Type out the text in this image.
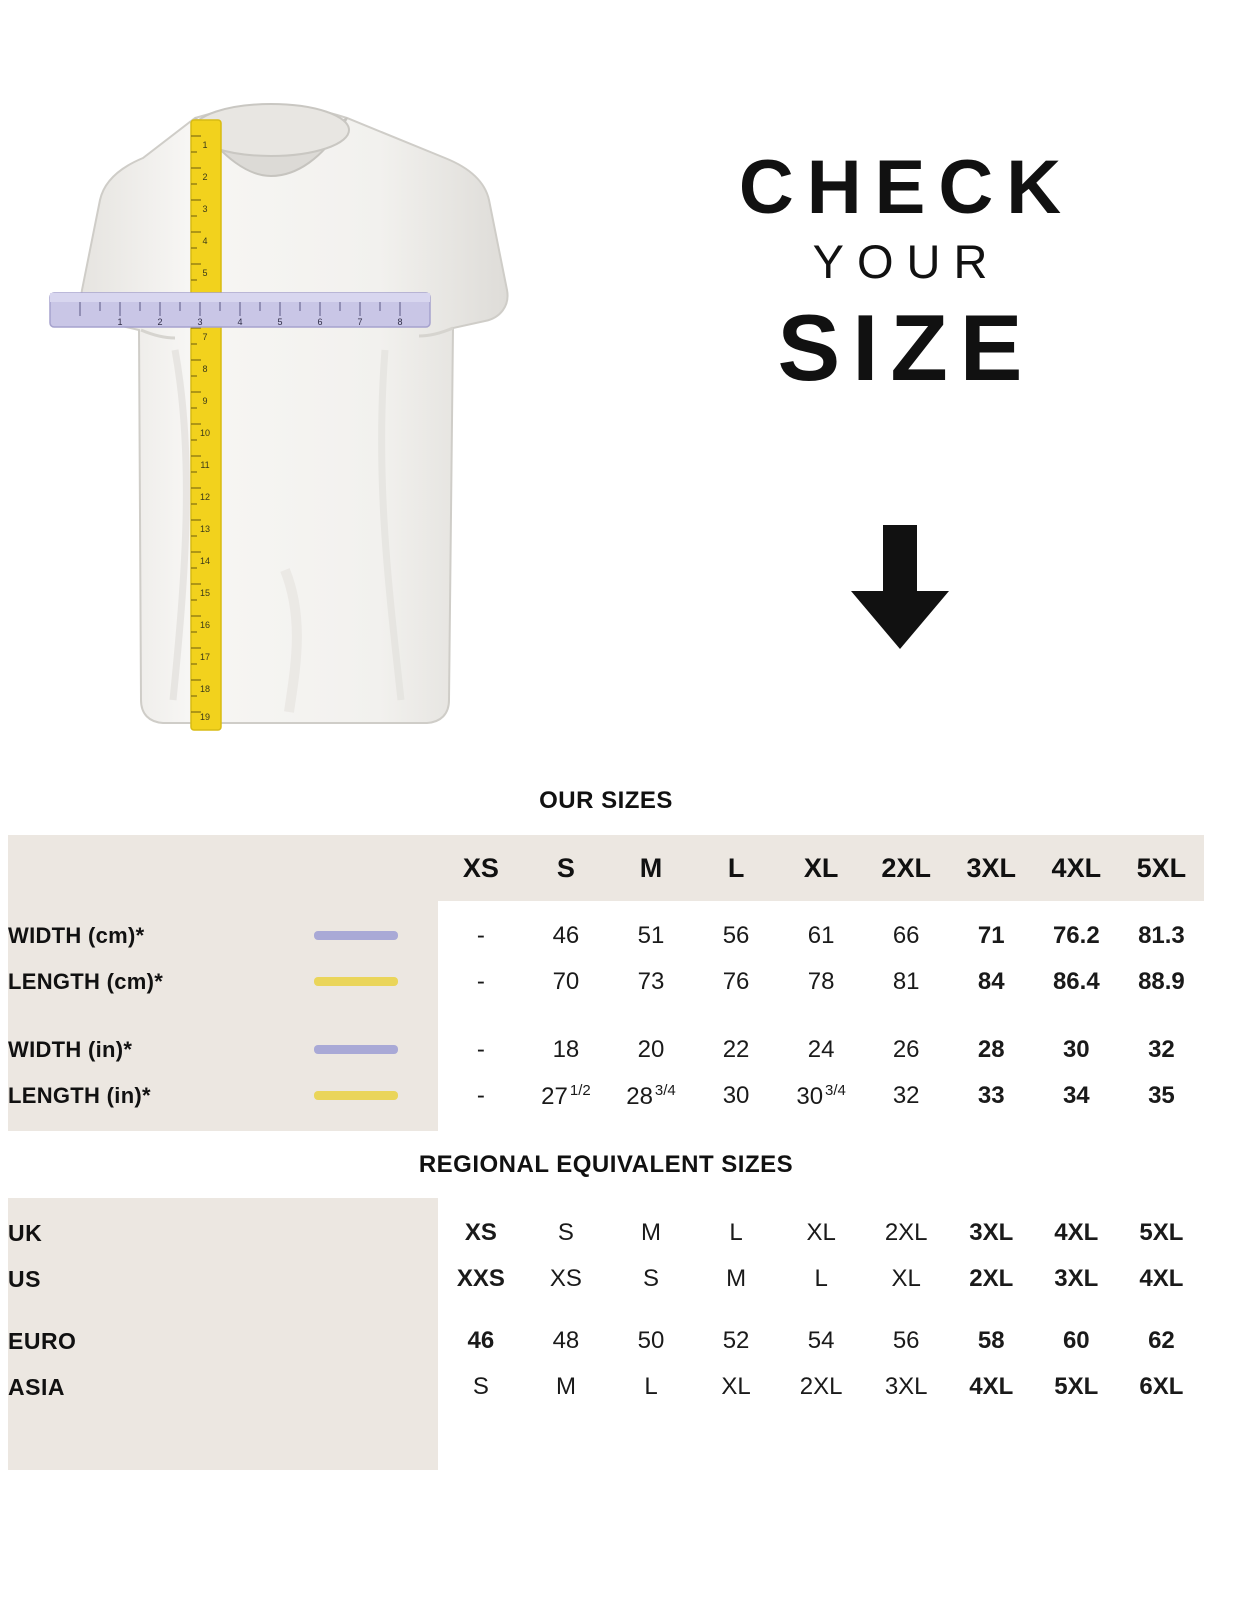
1
2
3
4
5
7
8
9
10
11
12
13
14
15
16
17
18
19
1	2	3	4	5	6	7	8
CHECK
YOUR
SIZE
OUR SIZES
		XS	S	M	L	XL	2XL	3XL	4XL	5XL

WIDTH (cm)*		-	46	51	56	61	66	71	76.2	81.3
LENGTH (cm)*		-	70	73	76	78	81	84	86.4	88.9

WIDTH (in)*		-	18	20	22	24	26	28	30	32
LENGTH (in)*		-	27 $^{1/2}$	28 $^{3/4}$	30	30 $^{3/4}$	32	33	34	35

REGIONAL EQUIVALENT SIZES

UK		XS	S	M	L	XL	2XL	3XL	4XL	5XL
US		XXS	XS	S	M	L	XL	2XL	3XL	4XL

EURO		46	48	50	52	54	56	58	60	62
ASIA		S	M	L	XL	2XL	3XL	4XL	5XL	6XL
